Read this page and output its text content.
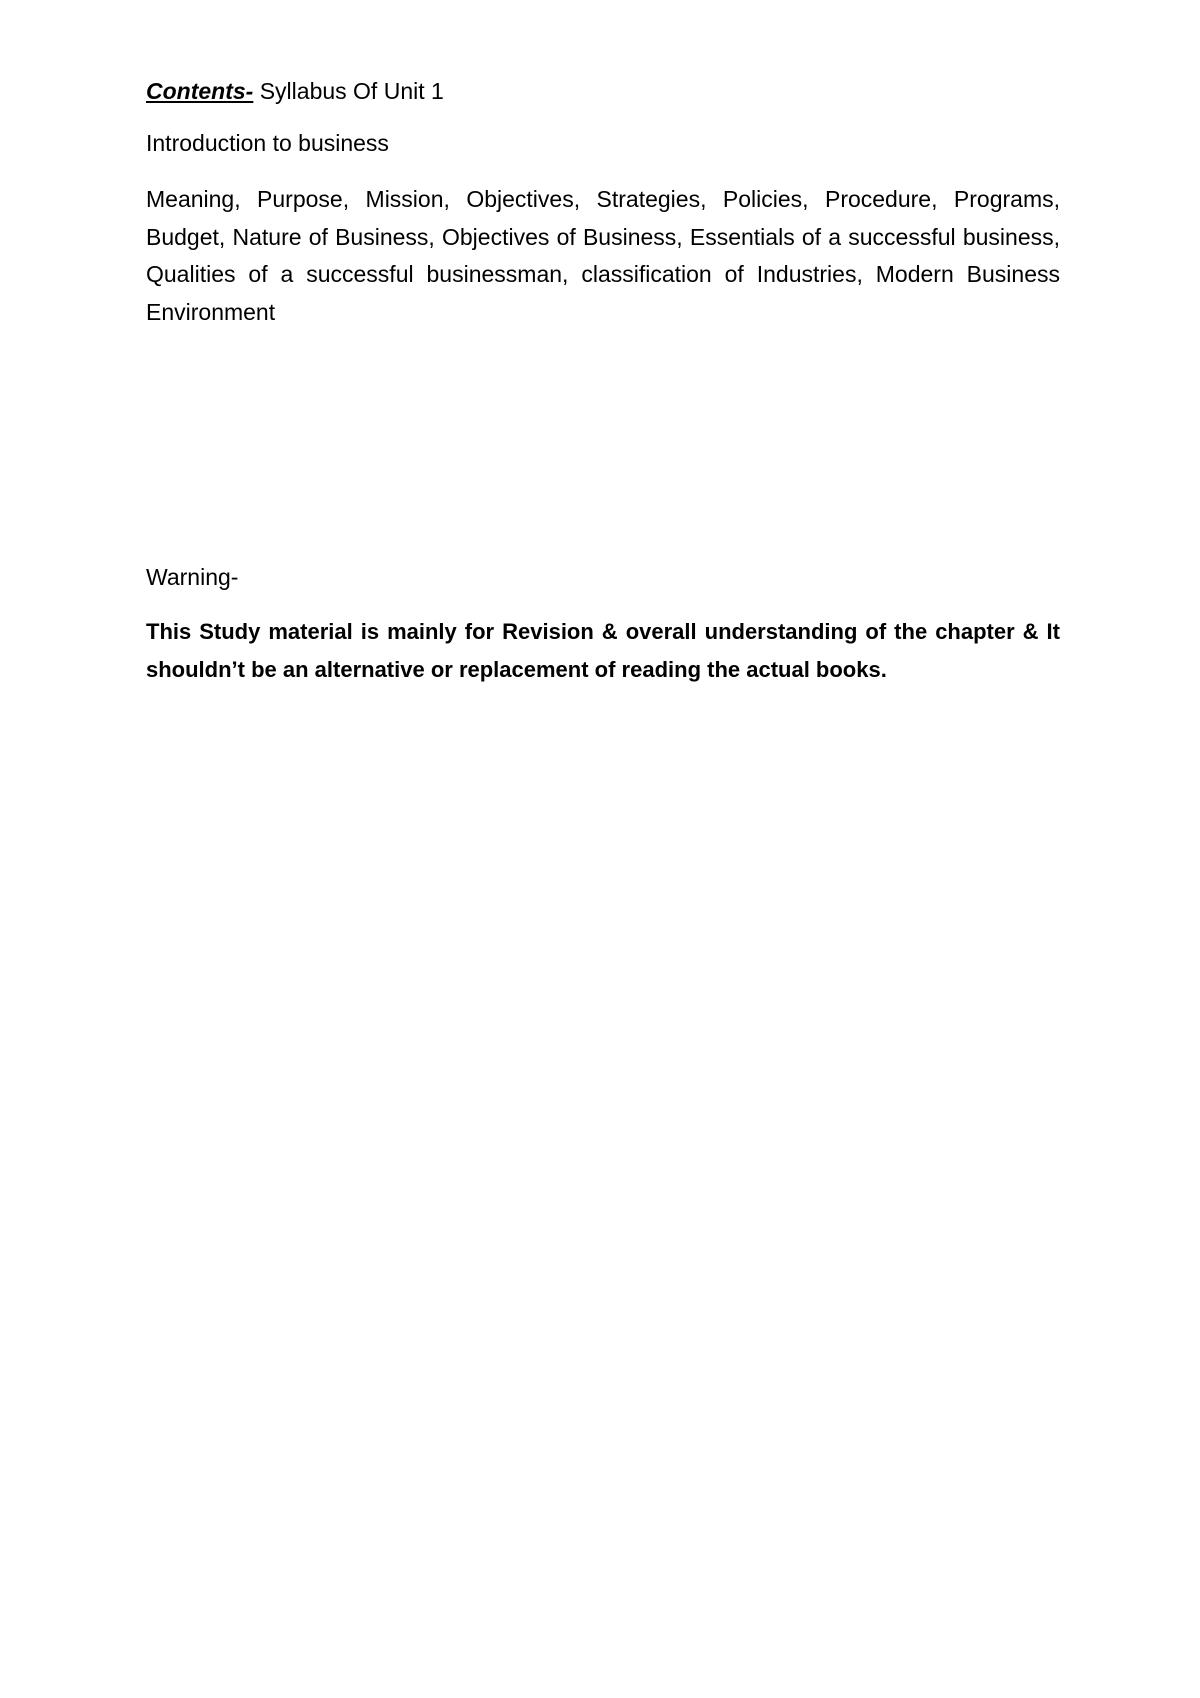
Contents- Syllabus Of Unit 1
Introduction to business
Meaning, Purpose, Mission, Objectives, Strategies, Policies, Procedure, Programs, Budget, Nature of Business, Objectives of Business, Essentials of a successful business, Qualities of a successful businessman, classification of Industries, Modern Business Environment
Warning-
This Study material is mainly for Revision & overall understanding of the chapter & It shouldn’t be an alternative or replacement of reading the actual books.
